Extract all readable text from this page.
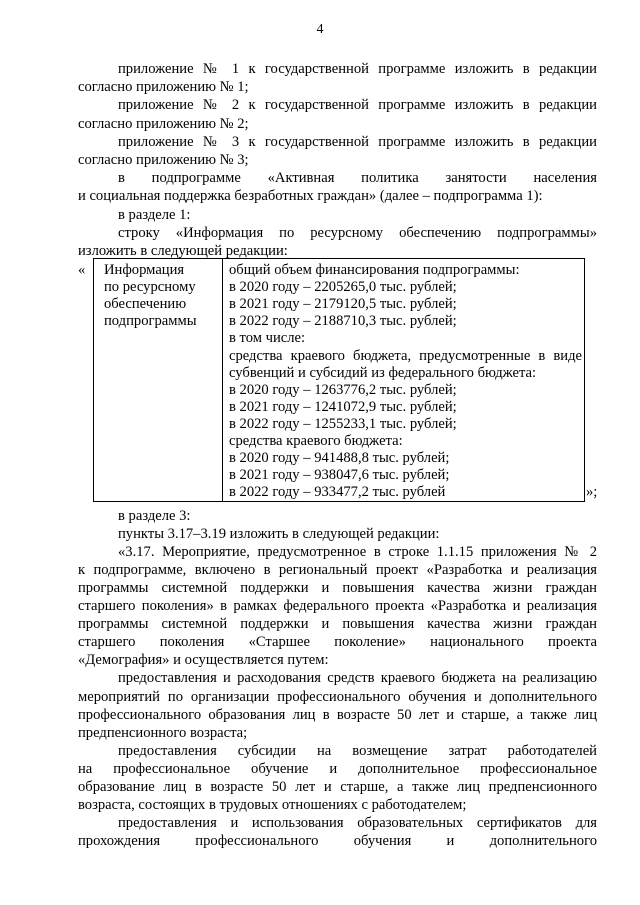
4
приложение № 1 к государственной программе изложить в редакции
согласно приложению № 1;
приложение № 2 к государственной программе изложить в редакции
согласно приложению № 2;
приложение № 3 к государственной программе изложить в редакции
согласно приложению № 3;
в подпрограмме «Активная политика занятости населения
и социальная поддержка безработных граждан» (далее – подпрограмма 1):
в разделе 1:
строку «Информация по ресурсному обеспечению подпрограммы»
изложить в следующей редакции:
« Информация
по ресурсному
обеспечению
подпрограммы
общий объем финансирования подпрограммы:
в 2020 году – 2205265,0 тыс. рублей;
в 2021 году – 2179120,5 тыс. рублей;
в 2022 году – 2188710,3 тыс. рублей;
в том числе:
средства краевого бюджета, предусмотренные в виде
субвенций и субсидий из федерального бюджета:
в 2020 году – 1263776,2 тыс. рублей;
в 2021 году – 1241072,9 тыс. рублей;
в 2022 году – 1255233,1 тыс. рублей;
средства краевого бюджета:
в 2020 году – 941488,8 тыс. рублей;
в 2021 году – 938047,6 тыс. рублей;
в 2022 году – 933477,2 тыс. рублей	»;
в разделе 3:
пункты 3.17–3.19 изложить в следующей редакции:
«3.17. Мероприятие, предусмотренное в строке 1.1.15 приложения № 2
к подпрограмме, включено в региональный проект «Разработка и реализация
программы системной поддержки и повышения качества жизни граждан
старшего поколения» в рамках федерального проекта «Разработка и реализация
программы системной поддержки и повышения качества жизни граждан
старшего поколения «Старшее поколение» национального проекта
«Демография» и осуществляется путем:
предоставления и расходования средств краевого бюджета на реализацию
мероприятий по организации профессионального обучения и дополнительного
профессионального образования лиц в возрасте 50 лет и старше, а также лиц
предпенсионного возраста;
предоставления субсидии на возмещение затрат работодателей
на профессиональное обучение и дополнительное профессиональное
образование лиц в возрасте 50 лет и старше, а также лиц предпенсионного
возраста, состоящих в трудовых отношениях с работодателем;
предоставления и использования образовательных сертификатов для
прохождения профессионального обучения и дополнительного
